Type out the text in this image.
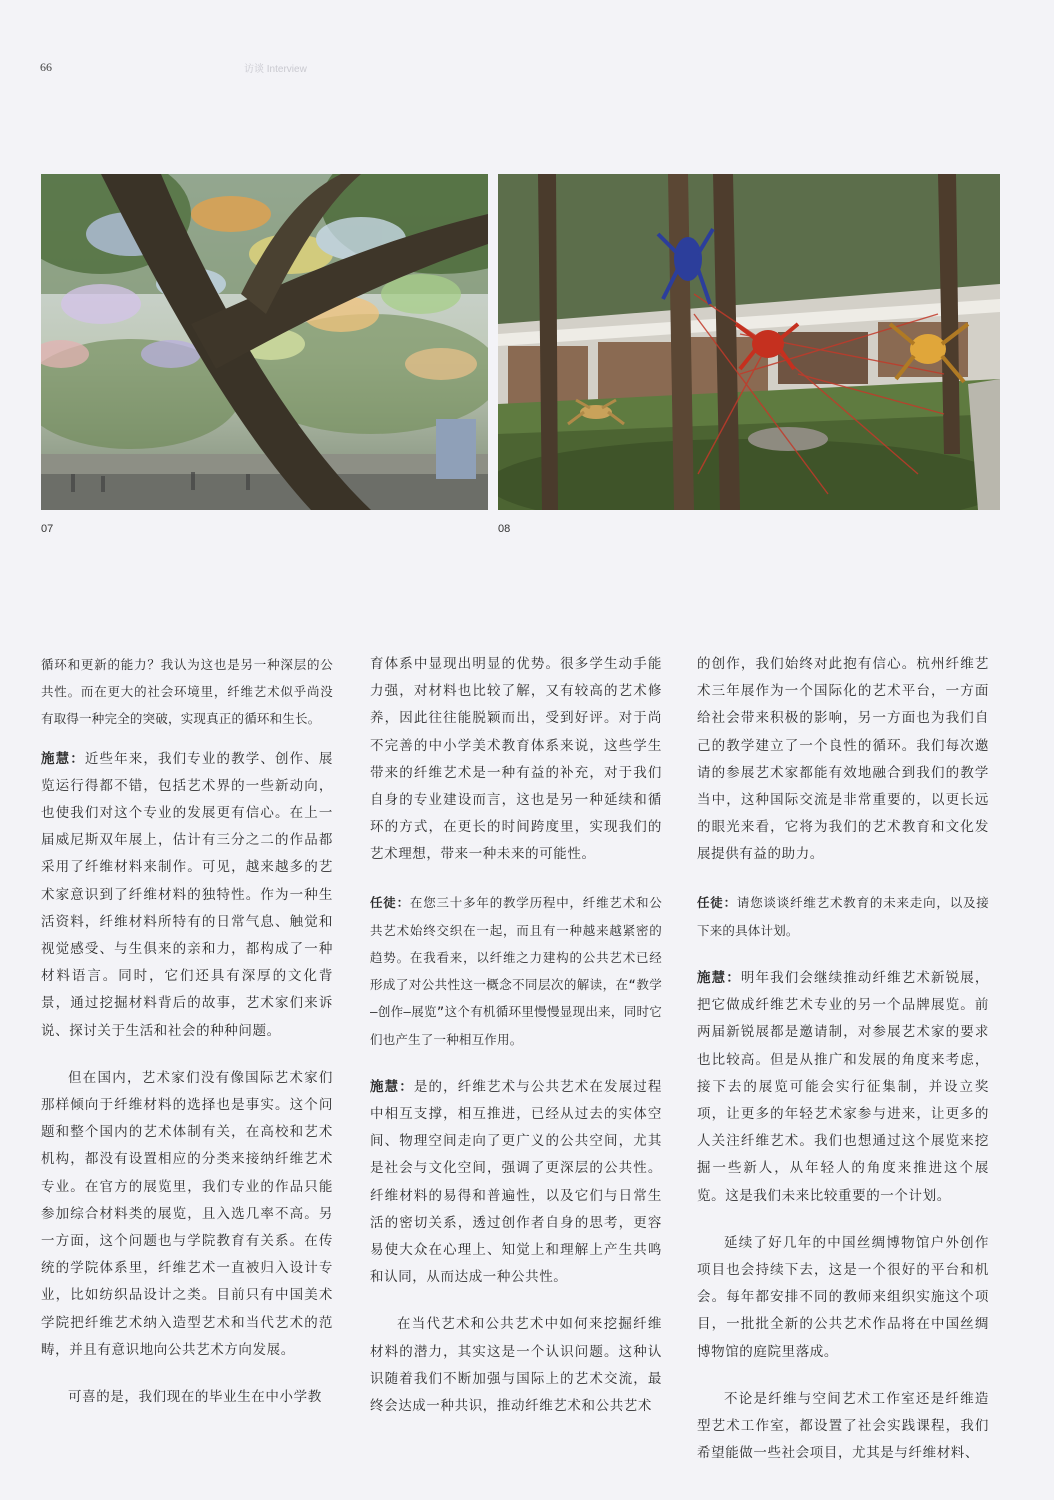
66	访谈 Interview
07	08

循环和更新的能力？我认为这也是另一种深层的公共性。而在更大的社会环境里，纤维艺术似乎尚没有取得一种完全的突破，实现真正的循环和生长。

施慧：近些年来，我们专业的教学、创作、展览运行得都不错，包括艺术界的一些新动向，也使我们对这个专业的发展更有信心。在上一届威尼斯双年展上，估计有三分之二的作品都采用了纤维材料来制作。可见，越来越多的艺术家意识到了纤维材料的独特性。作为一种生活资料，纤维材料所特有的日常气息、触觉和视觉感受、与生俱来的亲和力，都构成了一种材料语言。同时，它们还具有深厚的文化背景，通过挖掘材料背后的故事，艺术家们来诉说、探讨关于生活和社会的种种问题。

但在国内，艺术家们没有像国际艺术家们那样倾向于纤维材料的选择也是事实。这个问题和整个国内的艺术体制有关，在高校和艺术机构，都没有设置相应的分类来接纳纤维艺术专业。在官方的展览里，我们专业的作品只能参加综合材料类的展览，且入选几率不高。另一方面，这个问题也与学院教育有关系。在传统的学院体系里，纤维艺术一直被归入设计专业，比如纺织品设计之类。目前只有中国美术学院把纤维艺术纳入造型艺术和当代艺术的范畴，并且有意识地向公共艺术方向发展。

可喜的是，我们现在的毕业生在中小学教

育体系中显现出明显的优势。很多学生动手能力强，对材料也比较了解，又有较高的艺术修养，因此往往能脱颖而出，受到好评。对于尚不完善的中小学美术教育体系来说，这些学生带来的纤维艺术是一种有益的补充，对于我们自身的专业建设而言，这也是另一种延续和循环的方式，在更长的时间跨度里，实现我们的艺术理想，带来一种未来的可能性。

任徒：在您三十多年的教学历程中，纤维艺术和公共艺术始终交织在一起，而且有一种越来越紧密的趋势。在我看来，以纤维之力建构的公共艺术已经形成了对公共性这一概念不同层次的解读，在“教学—创作—展览”这个有机循环里慢慢显现出来，同时它们也产生了一种相互作用。

施慧：是的，纤维艺术与公共艺术在发展过程中相互支撑，相互推进，已经从过去的实体空间、物理空间走向了更广义的公共空间，尤其是社会与文化空间，强调了更深层的公共性。纤维材料的易得和普遍性，以及它们与日常生活的密切关系，透过创作者自身的思考，更容易使大众在心理上、知觉上和理解上产生共鸣和认同，从而达成一种公共性。

在当代艺术和公共艺术中如何来挖掘纤维材料的潜力，其实这是一个认识问题。这种认识随着我们不断加强与国际上的艺术交流，最终会达成一种共识，推动纤维艺术和公共艺术

的创作，我们始终对此抱有信心。杭州纤维艺术三年展作为一个国际化的艺术平台，一方面给社会带来积极的影响，另一方面也为我们自己的教学建立了一个良性的循环。我们每次邀请的参展艺术家都能有效地融合到我们的教学当中，这种国际交流是非常重要的，以更长远的眼光来看，它将为我们的艺术教育和文化发展提供有益的助力。

任徒：请您谈谈纤维艺术教育的未来走向，以及接下来的具体计划。

施慧：明年我们会继续推动纤维艺术新锐展，把它做成纤维艺术专业的另一个品牌展览。前两届新锐展都是邀请制，对参展艺术家的要求也比较高。但是从推广和发展的角度来考虑，接下去的展览可能会实行征集制，并设立奖项，让更多的年轻艺术家参与进来，让更多的人关注纤维艺术。我们也想通过这个展览来挖掘一些新人，从年轻人的角度来推进这个展览。这是我们未来比较重要的一个计划。

延续了好几年的中国丝绸博物馆户外创作项目也会持续下去，这是一个很好的平台和机会。每年都安排不同的教师来组织实施这个项目，一批批全新的公共艺术作品将在中国丝绸博物馆的庭院里落成。

不论是纤维与空间艺术工作室还是纤维造型艺术工作室，都设置了社会实践课程，我们希望能做一些社会项目，尤其是与纤维材料、
